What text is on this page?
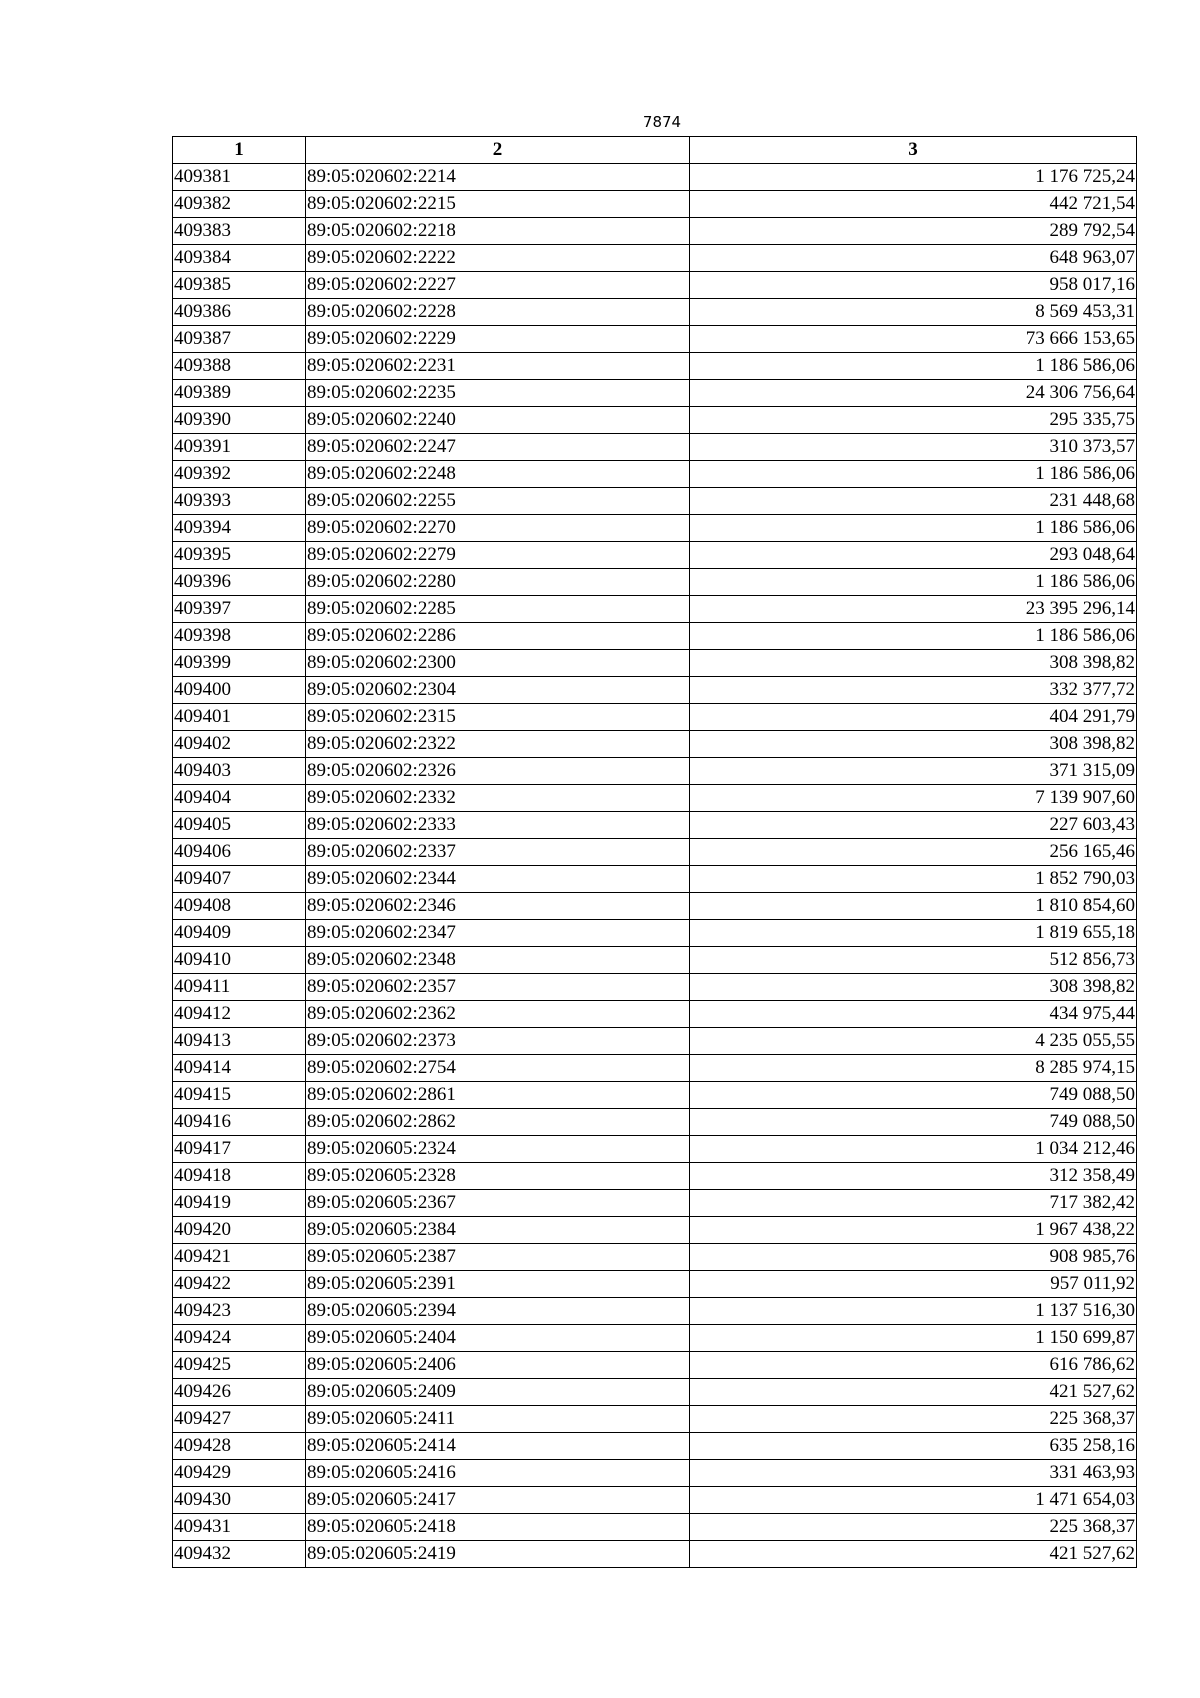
7874
1	2	3
409381	89:05:020602:2214	1 176 725,24
409382	89:05:020602:2215	442 721,54
409383	89:05:020602:2218	289 792,54
409384	89:05:020602:2222	648 963,07
409385	89:05:020602:2227	958 017,16
409386	89:05:020602:2228	8 569 453,31
409387	89:05:020602:2229	73 666 153,65
409388	89:05:020602:2231	1 186 586,06
409389	89:05:020602:2235	24 306 756,64
409390	89:05:020602:2240	295 335,75
409391	89:05:020602:2247	310 373,57
409392	89:05:020602:2248	1 186 586,06
409393	89:05:020602:2255	231 448,68
409394	89:05:020602:2270	1 186 586,06
409395	89:05:020602:2279	293 048,64
409396	89:05:020602:2280	1 186 586,06
409397	89:05:020602:2285	23 395 296,14
409398	89:05:020602:2286	1 186 586,06
409399	89:05:020602:2300	308 398,82
409400	89:05:020602:2304	332 377,72
409401	89:05:020602:2315	404 291,79
409402	89:05:020602:2322	308 398,82
409403	89:05:020602:2326	371 315,09
409404	89:05:020602:2332	7 139 907,60
409405	89:05:020602:2333	227 603,43
409406	89:05:020602:2337	256 165,46
409407	89:05:020602:2344	1 852 790,03
409408	89:05:020602:2346	1 810 854,60
409409	89:05:020602:2347	1 819 655,18
409410	89:05:020602:2348	512 856,73
409411	89:05:020602:2357	308 398,82
409412	89:05:020602:2362	434 975,44
409413	89:05:020602:2373	4 235 055,55
409414	89:05:020602:2754	8 285 974,15
409415	89:05:020602:2861	749 088,50
409416	89:05:020602:2862	749 088,50
409417	89:05:020605:2324	1 034 212,46
409418	89:05:020605:2328	312 358,49
409419	89:05:020605:2367	717 382,42
409420	89:05:020605:2384	1 967 438,22
409421	89:05:020605:2387	908 985,76
409422	89:05:020605:2391	957 011,92
409423	89:05:020605:2394	1 137 516,30
409424	89:05:020605:2404	1 150 699,87
409425	89:05:020605:2406	616 786,62
409426	89:05:020605:2409	421 527,62
409427	89:05:020605:2411	225 368,37
409428	89:05:020605:2414	635 258,16
409429	89:05:020605:2416	331 463,93
409430	89:05:020605:2417	1 471 654,03
409431	89:05:020605:2418	225 368,37
409432	89:05:020605:2419	421 527,62
